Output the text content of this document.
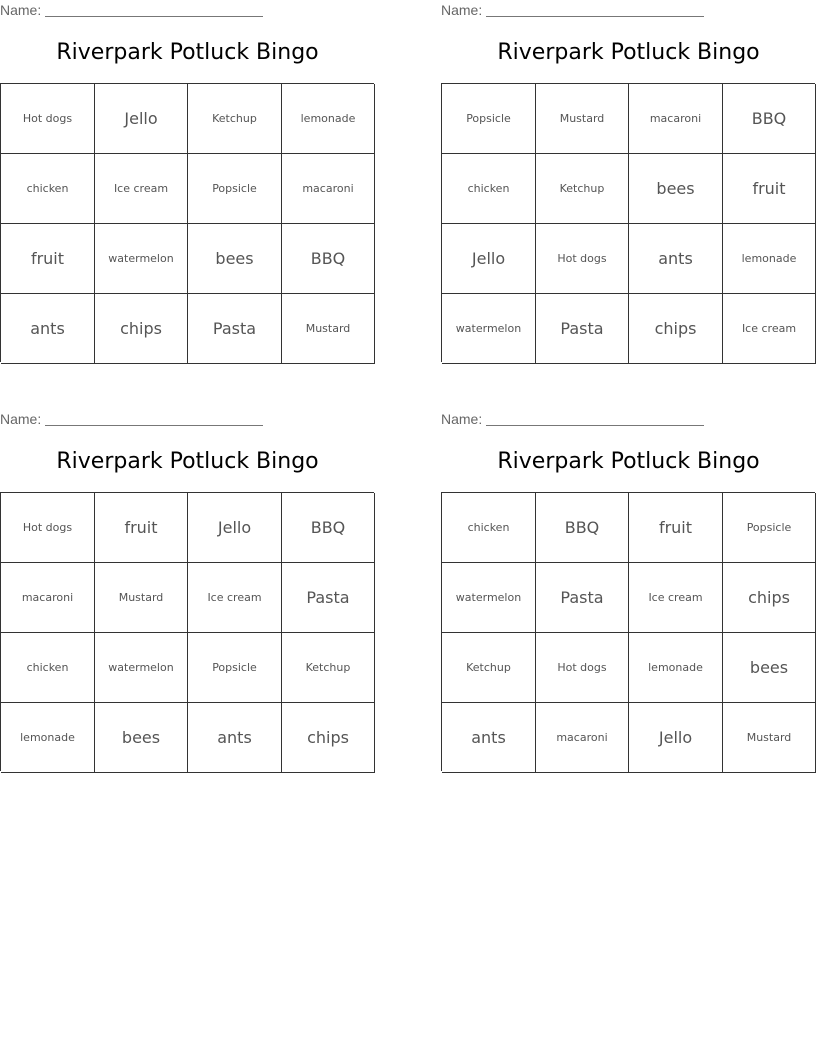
Name:
Riverpark Potluck Bingo
Hot dogs	Jello	Ketchup	lemonade
chicken	Ice cream	Popsicle	macaroni
fruit	watermelon	bees	BBQ
ants	chips	Pasta	Mustard
Name:
Riverpark Potluck Bingo
Popsicle	Mustard	macaroni	BBQ
chicken	Ketchup	bees	fruit
Jello	Hot dogs	ants	lemonade
watermelon	Pasta	chips	Ice cream
Name:
Riverpark Potluck Bingo
Hot dogs	fruit	Jello	BBQ
macaroni	Mustard	Ice cream	Pasta
chicken	watermelon	Popsicle	Ketchup
lemonade	bees	ants	chips
Name:
Riverpark Potluck Bingo
chicken	BBQ	fruit	Popsicle
watermelon	Pasta	Ice cream	chips
Ketchup	Hot dogs	lemonade	bees
ants	macaroni	Jello	Mustard
